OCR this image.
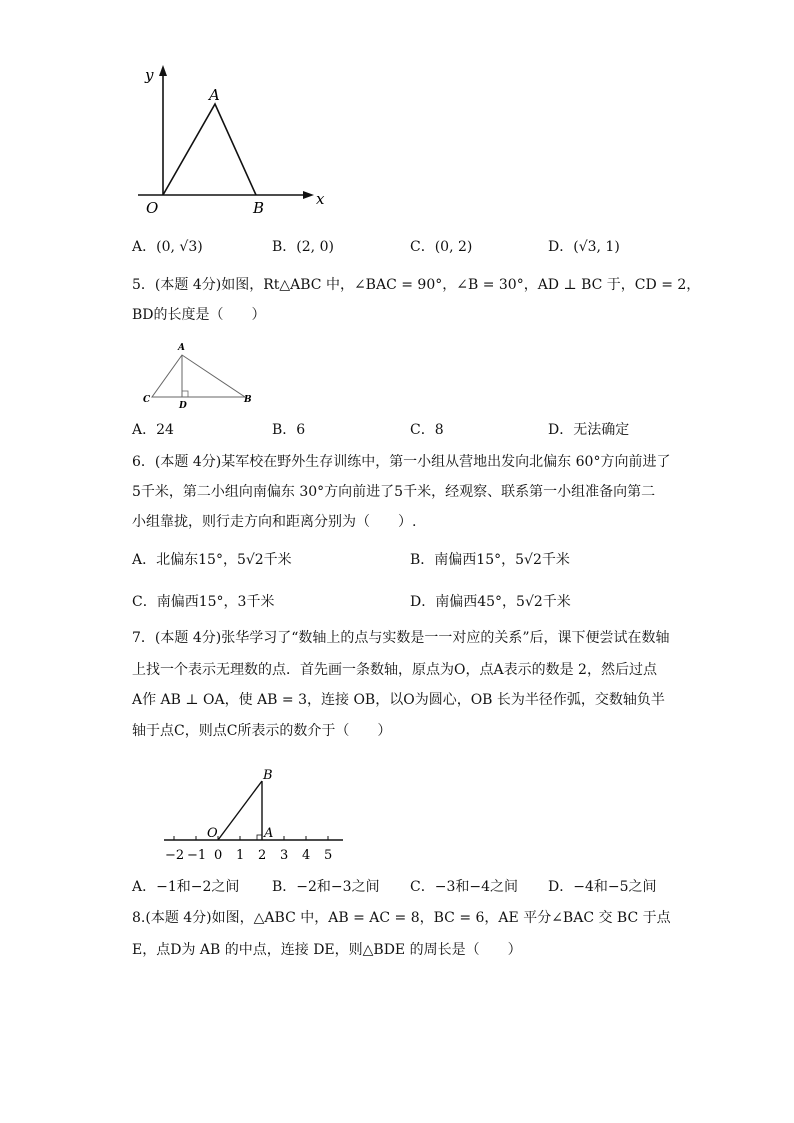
y
x
A
O	B
A．(0, √3)	B．(2, 0)	C．(0, 2)	D．(√3, 1)
5．(本题 4分)如图，Rt△ABC 中，∠BAC = 90°，∠B = 30°，AD ⊥ BC 于，CD = 2，
BD的长度是（　　）
A
C
D
B
A．24	B．6	C．8	D．无法确定
6．(本题 4分)某军校在野外生存训练中，第一小组从营地出发向北偏东 60°方向前进了
5千米，第二小组向南偏东 30°方向前进了5千米，经观察、联系第一小组准备向第二
小组靠拢，则行走方向和距离分别为（　　）.
A．北偏东15°，5√2千米	B．南偏西15°，5√2千米
C．南偏西15°，3千米	D．南偏西45°，5√2千米
7．(本题 4分)张华学习了“数轴上的点与实数是一一对应的关系”后，课下便尝试在数轴
上找一个表示无理数的点．首先画一条数轴，原点为O，点A表示的数是 2，然后过点
A作 AB ⊥ OA，使 AB = 3，连接 OB，以O为圆心，OB 长为半径作弧，交数轴负半
轴于点C，则点C所表示的数介于（　　）
B
O	A
−2 −1 0 1 2 3 4 5
A．−1和−2之间 B．−2和−3之间 C．−3和−4之间 D．−4和−5之间
8.(本题 4分)如图，△ABC 中，AB = AC = 8，BC = 6，AE 平分∠BAC 交 BC 于点
E，点D为 AB 的中点，连接 DE，则△BDE 的周长是（　　）
